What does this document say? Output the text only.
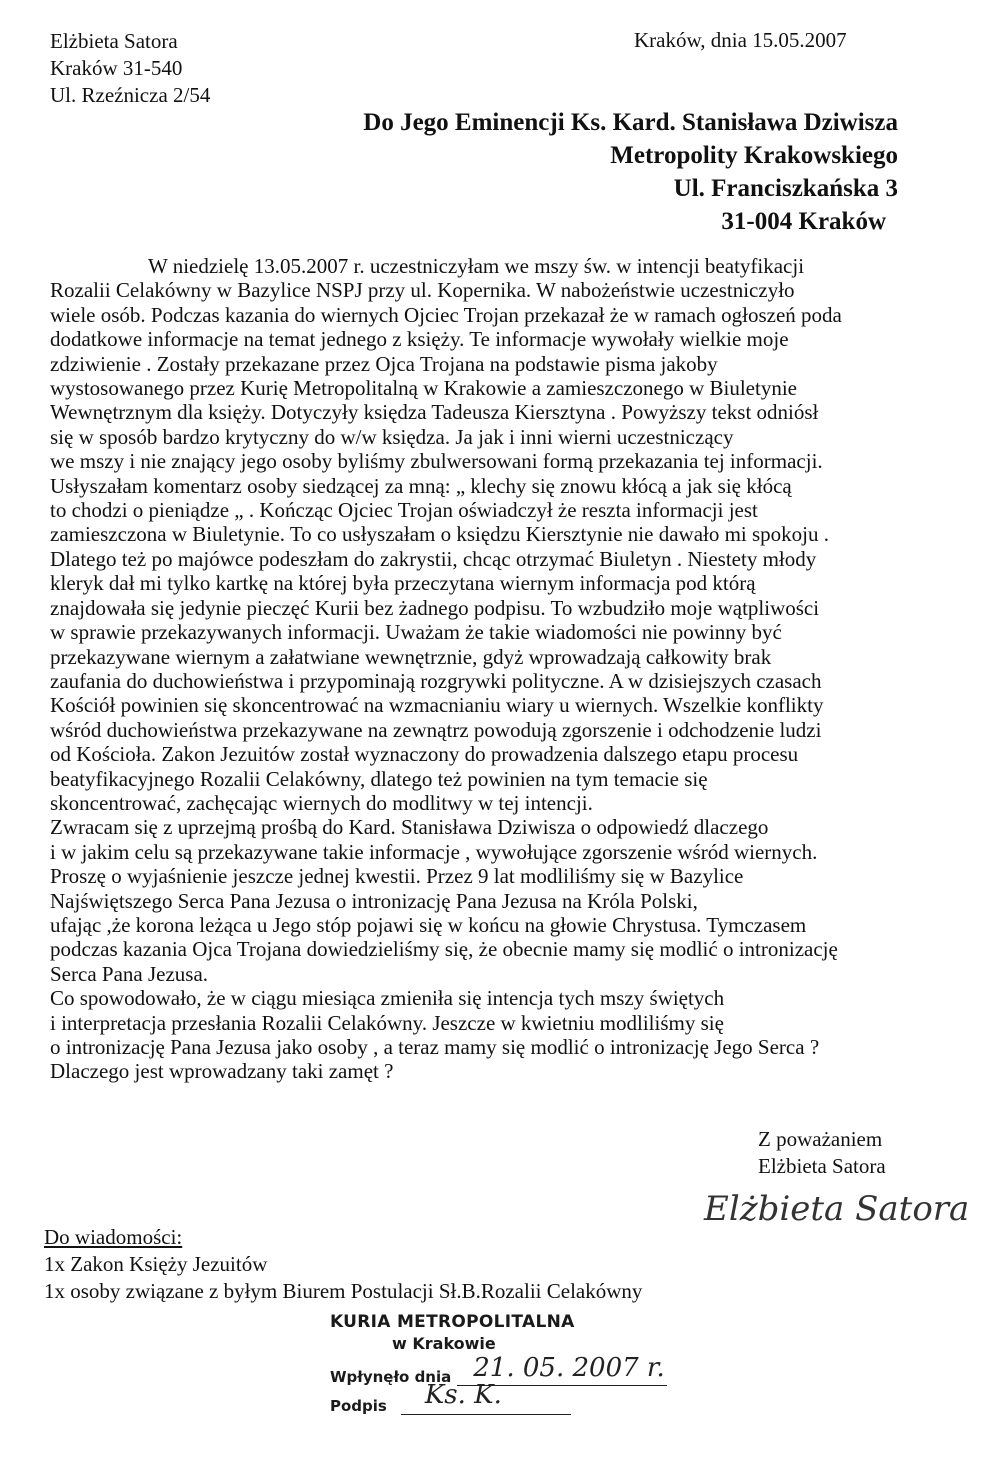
Elżbieta Satora
Kraków 31-540
Ul. Rzeźnicza 2/54
Kraków, dnia 15.05.2007
Do Jego Eminencji Ks. Kard. Stanisława Dziwisza
Metropolity Krakowskiego
Ul. Franciszkańska 3
31-004 Kraków
W niedzielę 13.05.2007 r. uczestniczyłam we mszy św. w intencji beatyfikacji
Rozalii Celakówny w Bazylice NSPJ przy ul. Kopernika. W nabożeństwie uczestniczyło
wiele osób. Podczas kazania do wiernych Ojciec Trojan przekazał że w ramach ogłoszeń poda
dodatkowe informacje na temat jednego z księży. Te informacje wywołały wielkie moje
zdziwienie . Zostały przekazane przez Ojca Trojana na podstawie pisma jakoby
wystosowanego przez Kurię Metropolitalną w Krakowie a zamieszczonego w Biuletynie
Wewnętrznym dla księży. Dotyczyły księdza Tadeusza Kiersztyna . Powyższy tekst odniósł
się w sposób bardzo krytyczny do w/w księdza. Ja jak i inni wierni uczestniczący
we mszy i nie znający jego osoby byliśmy zbulwersowani formą przekazania tej informacji.
Usłyszałam komentarz osoby siedzącej za mną: „ klechy się znowu kłócą a jak się kłócą
to chodzi o pieniądze „ . Kończąc Ojciec Trojan oświadczył że reszta informacji jest
zamieszczona w Biuletynie. To co usłyszałam o księdzu Kiersztynie nie dawało mi spokoju .
Dlatego też po majówce podeszłam do zakrystii, chcąc otrzymać Biuletyn . Niestety młody
kleryk dał mi tylko kartkę na której była przeczytana wiernym informacja pod którą
znajdowała się jedynie pieczęć Kurii bez żadnego podpisu. To wzbudziło moje wątpliwości
w sprawie przekazywanych informacji. Uważam że takie wiadomości nie powinny być
przekazywane wiernym a załatwiane wewnętrznie, gdyż wprowadzają całkowity brak
zaufania do duchowieństwa i przypominają rozgrywki polityczne. A w dzisiejszych czasach
Kościół powinien się skoncentrować na wzmacnianiu wiary u wiernych. Wszelkie konflikty
wśród duchowieństwa przekazywane na zewnątrz powodują zgorszenie i odchodzenie ludzi
od Kościoła. Zakon Jezuitów został wyznaczony do prowadzenia dalszego etapu procesu
beatyfikacyjnego Rozalii Celakówny, dlatego też powinien na tym temacie się
skoncentrować, zachęcając wiernych do modlitwy w tej intencji.
Zwracam się z uprzejmą prośbą do Kard. Stanisława Dziwisza o odpowiedź dlaczego
i w jakim celu są przekazywane takie informacje , wywołujące zgorszenie wśród wiernych.
Proszę o wyjaśnienie jeszcze jednej kwestii. Przez 9 lat modliliśmy się w Bazylice
Najświętszego Serca Pana Jezusa o intronizację Pana Jezusa na Króla Polski,
ufając ,że korona leżąca u Jego stóp pojawi się w końcu na głowie Chrystusa. Tymczasem
podczas kazania Ojca Trojana dowiedzieliśmy się, że obecnie mamy się modlić o intronizację
Serca Pana Jezusa.
Co spowodowało, że w ciągu miesiąca zmieniła się intencja tych mszy świętych
i interpretacja przesłania Rozalii Celakówny. Jeszcze w kwietniu modliliśmy się
o intronizację Pana Jezusa jako osoby , a teraz mamy się modlić o intronizację Jego Serca ?
Dlaczego jest wprowadzany taki zamęt ?
Z poważaniem
Elżbieta Satora
Elżbieta Satora
Do wiadomości:
1x Zakon Księży Jezuitów
1x osoby związane z byłym Biurem Postulacji Sł.B.Rozalii Celakówny
KURIA METROPOLITALNA
w Krakowie
Wpłynęło dnia 21. 05. 2007 r.
Podpis Ks. K.
